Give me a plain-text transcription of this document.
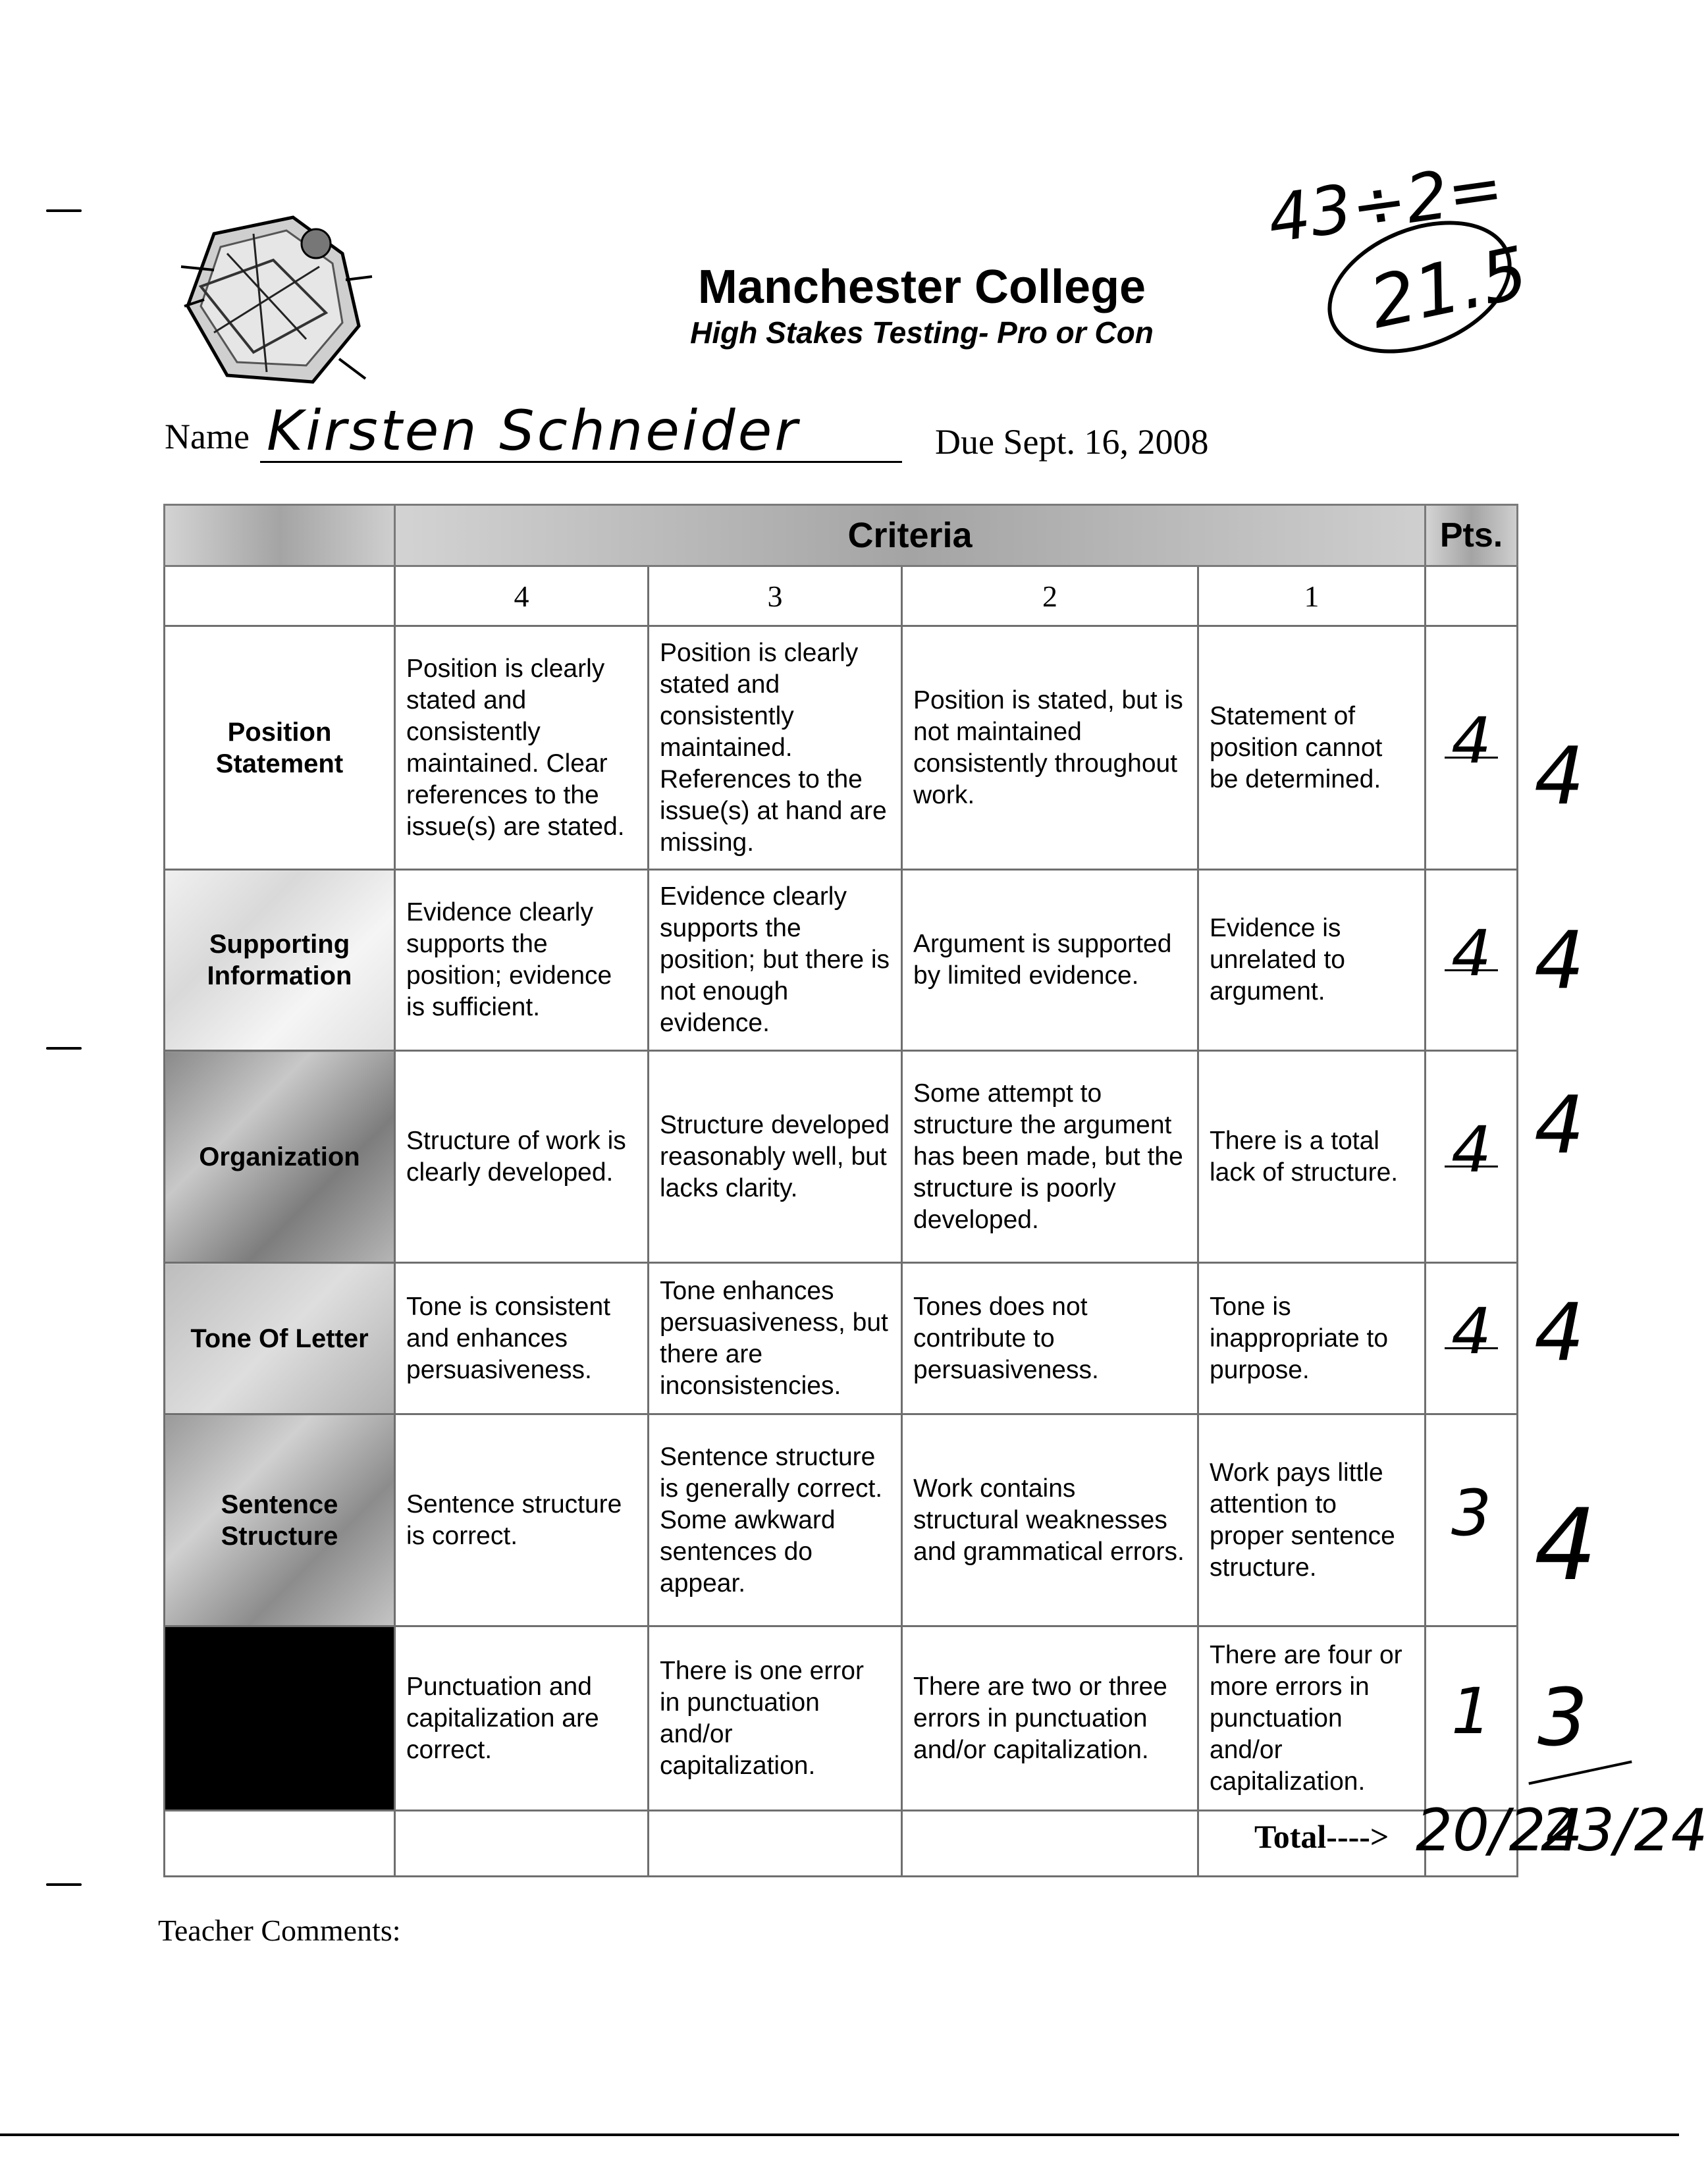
Manchester College
High Stakes Testing- Pro or Con
43÷2=
21.5
Name Kirsten Schneider	Due Sept. 16, 2008
	Criteria				Pts.
	4	3	2	1	
Position Statement	Position is clearly stated and consistently maintained. Clear references to the issue(s) are stated.	Position is clearly stated and consistently maintained. References to the issue(s) at hand are missing.	Position is stated, but is not maintained consistently throughout work.	Statement of position cannot be determined.	4
Supporting Information	Evidence clearly supports the position; evidence is sufficient.	Evidence clearly supports the position; but there is not enough evidence.	Argument is supported by limited evidence.	Evidence is unrelated to argument.	4
Organization	Structure of work is clearly developed.	Structure developed reasonably well, but lacks clarity.	Some attempt to structure the argument has been made, but the structure is poorly developed.	There is a total lack of structure.	4
Tone Of Letter	Tone is consistent and enhances persuasiveness.	Tone enhances persuasiveness, but there are inconsistencies.	Tones does not contribute to persuasiveness.	Tone is inappropriate to purpose.	4
Sentence Structure	Sentence structure is correct.	Sentence structure is generally correct. Some awkward sentences do appear.	Work contains structural weaknesses and grammatical errors.	Work pays little attention to proper sentence structure.	3
	Punctuation and capitalization are correct.	There is one error in punctuation and/or capitalization.	There are two or three errors in punctuation and/or capitalization.	There are four or more errors in punctuation and/or capitalization.	1

Total----> 20/24
4
4
4
4
4
3
23/24
Teacher Comments:
